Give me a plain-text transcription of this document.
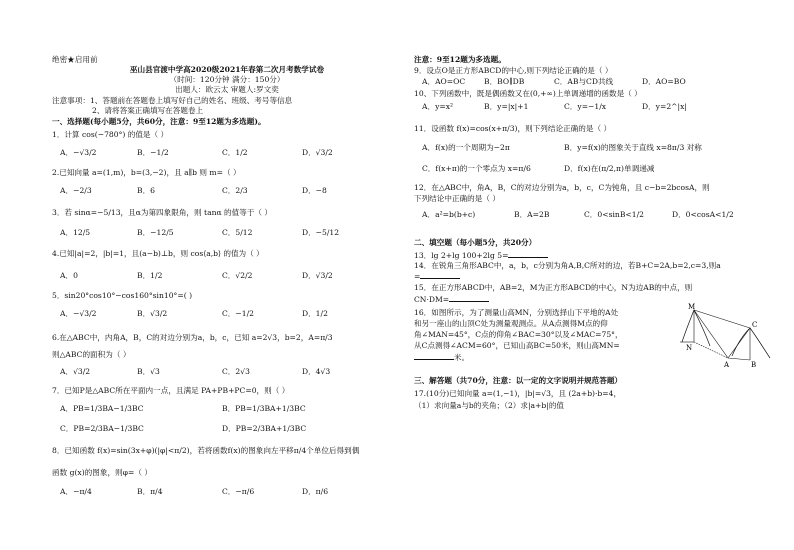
绝密★启用前
巫山县官渡中学高2020级2021年春第二次月考数学试卷
（时间：120分钟 满分：150分）
出题人：欧云太 审题人:罗文奕
注意事项：1、答题前在答题卷上填写好自己的姓名、班级、考号等信息
2、请将答案正确填写在答题卷上
一、选择题(每小题5分，共60分，注意：9至12题为多选题)。
1．计算 cos(−780°) 的值是（ ）
A．−√3/2	B．−1/2	C．1/2	D．√3/2
2.已知向量 a=(1,m)，b=(3,−2)，且 a∥b 则 m=（ ）
A．−2/3	B．6	C．2/3	D．−8
3．若 sinα=−5/13，且α为第四象限角，则 tanα 的值等于（ ）
A．12/5	B．−12/5	C．5/12	D．−5/12
4.已知|a|=2，|b|=1，且(a−b)⊥b，则 cos⟨a,b⟩ 的值为（ ）
A．0	B．1/2	C．√2/2	D．√3/2
5．sin20°cos10°−cos160°sin10°=( )
A．−√3/2	B．√3/2	C．−1/2	D．1/2
6.在△ABC中，内角A，B，C的对边分别为a，b，c，已知 a=2√3，b=2，A=π/3
则△ABC的面积为（ ）
A．√3/2	B．√3	C．2√3	D．4√3
7．已知P是△ABC所在平面内一点，且满足 PA+PB+PC=0，则（ ）
A．PB=1/3BA−1/3BC	B．PB=1/3BA+1/3BC
C．PB=2/3BA−1/3BC	D．PB=2/3BA+1/3BC
8．已知函数 f(x)=sin(3x+φ)(|φ|<π/2)，若将函数f(x)的图象向左平移π/4个单位后得到偶
函数 g(x)的图象，则φ=（ ）
A．−π/4	B．π/4	C．−π/6	D．π/6
注意：9至12题为多选题。
9．设点O是正方形ABCD的中心,则下列结论正确的是（ ）
A．AO=OC B．BO∥DB	C．AB与CD共线	D．AO=BO
10、下列函数中，既是偶函数又在(0,+∞)上单调递增的函数是（ ）
A．y=x²	B．y=|x|+1	C．y=−1/x	D．y=2^|x|
11．设函数 f(x)=cos(x+π/3)，则下列结论正确的是（ ）
A．f(x)的一个周期为−2π	B．y=f(x)的图象关于直线 x=8π/3 对称
C．f(x+π)的一个零点为 x=π/6	D．f(x)在(π/2,π)单调递减
12．在△ABC中，角A，B，C的对边分别为a，b，c，C为钝角，且 c−b=2bcosA，则
下列结论中正确的是（ ）
A．a²=b(b+c)	B．A=2B	C．0<sinB<1/2	D．0<cosA<1/2
二、填空题（每小题5分，共20分）
13．lg 2+lg 100+2lg 5=
14．在锐角三角形ABC中，a，b，c分别为角A,B,C所对的边，若B+C=2A,b=2,c=3,则a
=
15．在正方形ABCD中，AB=2，M为正方形ABCD的中心，N为边AB的中点，则
CN·DM=
16．如图所示，为了测量山高MN，分别选择山下平地的A处
和另一座山的山顶C处为测量观测点。从A点测得M点的仰
角∠MAN=45°，C点的仰角∠BAC=30°以及∠MAC=75°，
从C点测得∠ACM=60°，已知山高BC=50米，则山高MN=
米。
三、解答题（共70分，注意：以一定的文字说明并规范答题）
17.(10分)已知向量 a=(1,−1)，|b|=√3，且 (2a+b)·b=4，
（1）求向量a与b的夹角；（2）求|a+b|的值
M
C
A
N
B
